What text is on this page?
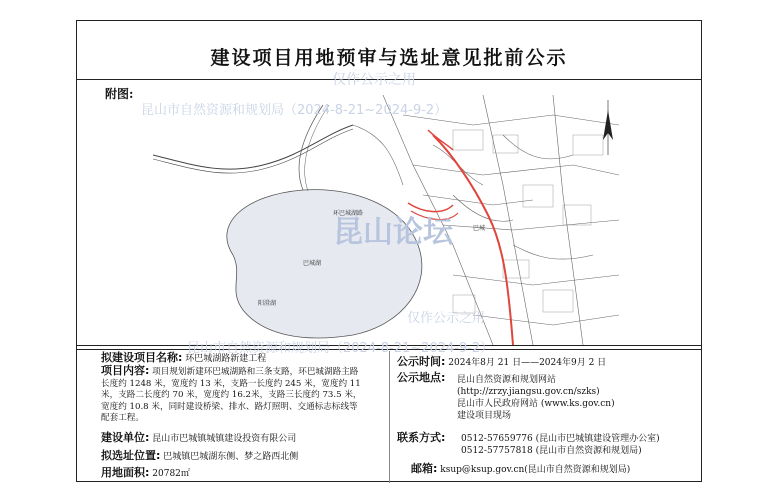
建设项目用地预审与选址意见批前公示
附图:
环巴城湖路
巴城湖
巴城
阳澄湖
拟建设项目名称: 环巴城湖路新建工程
项目内容: 项目规划新建环巴城湖路和三条支路，环巴城湖路主路长度约 1248 米，宽度约 13 米，支路一长度约 245 米，宽度约 11 米，支路二长度约 70 米，宽度约 16.2米，支路三长度约 73.5 米，宽度约 10.8 米，同时建设桥梁、排水、路灯照明、交通标志标线等配套工程。
建设单位: 昆山市巴城镇城镇建设投资有限公司
拟选址位置: 巴城镇巴城湖东侧、梦之路西北侧
用地面积: 20782㎡
公示时间: 2024年8月 21 日——2024年9月 2 日
公示地点: 昆山自然资源和规划网站
(http://zrzy.jiangsu.gov.cn/szks)
昆山市人民政府网站 (www.ks.gov.cn)
建设项目现场
联系方式: 0512-57659776 (昆山市巴城镇建设管理办公室)
0512-57757818 (昆山市自然资源和规划局)
邮箱: ksup@ksup.gov.cn(昆山市自然资源和规划局)
仅作公示之用
昆山市自然资源和规划局（2024-8-21~2024-9-2）
昆山论坛
仅作公示之用
昆山市自然资源和规划局（2024-8-21~2024-9-2）
